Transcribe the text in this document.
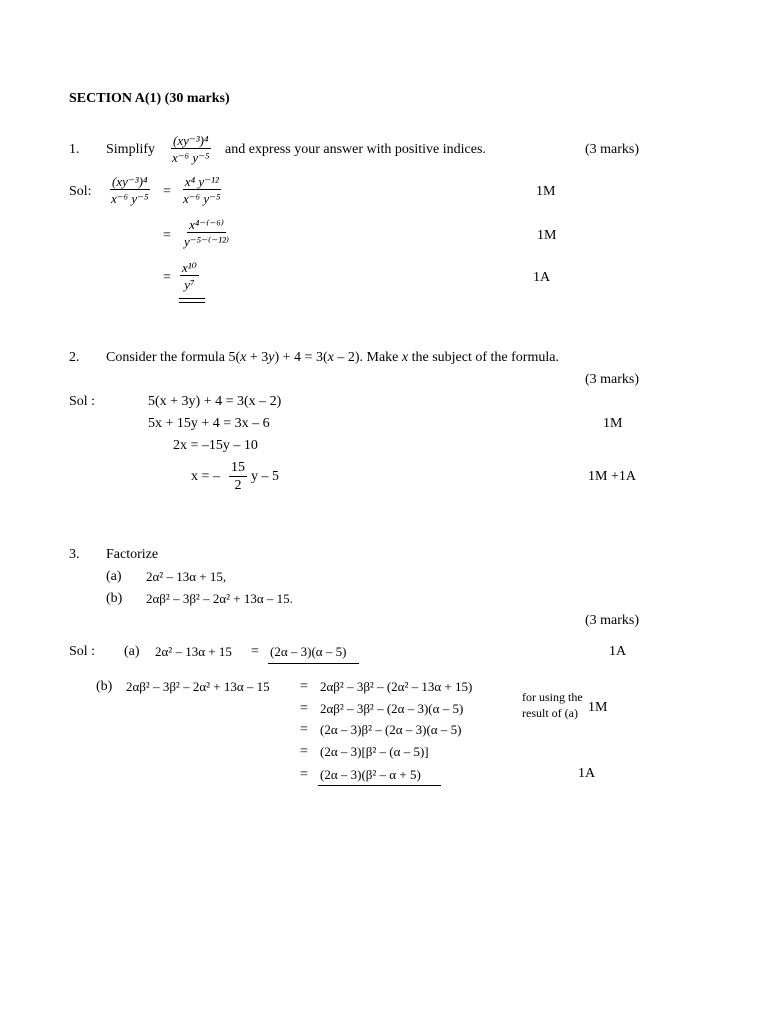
SECTION A(1) (30 marks)
1. Simplify $\frac{\text{(xy⁻³)⁴}}{\text{x⁻⁶ y⁻⁵}}$ and express your answer with positive indices.	(3 marks)
Sol: $\frac{\text{(xy⁻³)⁴}}{\text{x⁻⁶ y⁻⁵}} = \frac{\text{x⁴ y⁻¹²}}{\text{x⁻⁶ y⁻⁵}}$	1M
= $\frac{\text{x⁴⁻⁽⁻⁶⁾}}{\text{y⁻⁵⁻⁽⁻¹²⁾}}$	1M
= $\frac{\text{x¹⁰}}{\text{y⁷}}$	1A
2. Consider the formula 5(x + 3y) + 4 = 3(x – 2). Make x the subject of the formula.
(3 marks)
Sol :	5(x + 3y) + 4 = 3(x – 2)
5x + 15y + 4 = 3x – 6	1M
2x = –15y – 10
x = – $\frac{15}{2}$ y – 5	1M +1A
3. Factorize
(a) 2α² – 13α + 15,
(b) 2αβ² – 3β² – 2α² + 13α – 15.
(3 marks)
Sol : (a) 2α² – 13α + 15 = (2α – 3)(α – 5)	1A
(b) 2αβ² – 3β² – 2α² + 13α – 15 = 2αβ² – 3β² – (2α² – 13α + 15)
= 2αβ² – 3β² – (2α – 3)(α – 5)
= (2α – 3)β² – (2α – 3)(α – 5)
= (2α – 3)[β² – (α – 5)]
= (2α – 3)(β² – α + 5)
for using the
result of (a) 1M
1A
